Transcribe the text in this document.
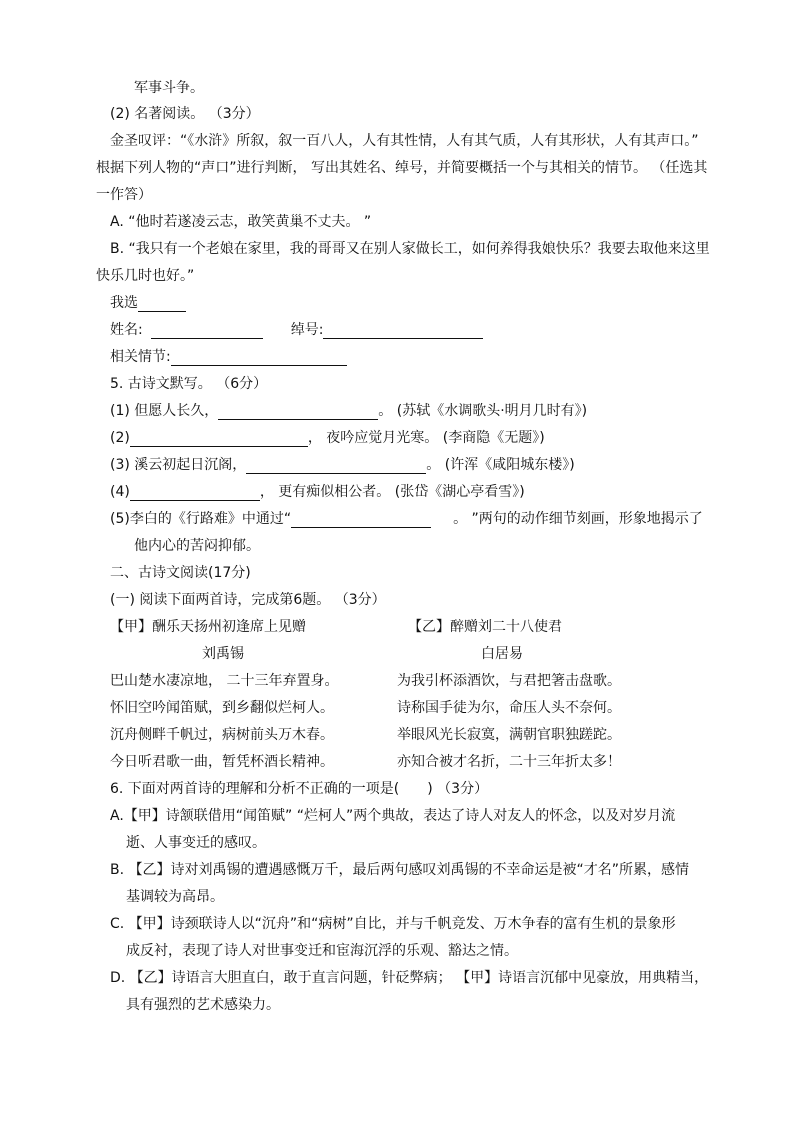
军事斗争。
(2) 名著阅读。 （3分）
金圣叹评：“《水浒》所叙，叙一百八人，人有其性情，人有其气质，人有其形状，人有其声口。”
根据下列人物的“声口”进行判断， 写出其姓名、绰号，并简要概括一个与其相关的情节。 （任选其
一作答）
A. “他时若遂凌云志，敢笑黄巢不丈夫。 ”
B. “我只有一个老娘在家里，我的哥哥又在别人家做长工，如何养得我娘快乐？我要去取他来这里
快乐几时也好。”
我选
姓名:	绰号:
相关情节:
5. 古诗文默写。 （6分）
(1) 但愿人长久，	。 (苏轼《水调歌头·明月几时有》)
(2)	， 夜吟应觉月光寒。 (李商隐《无题》)
(3) 溪云初起日沉阁，	。 (许浑《咸阳城东楼》)
(4)	， 更有痴似相公者。 (张岱《湖心亭看雪》)
(5)李白的《行路难》中通过“	。 ”两句的动作细节刻画，形象地揭示了
他内心的苦闷抑郁。
二、古诗文阅读(17分)
(一) 阅读下面两首诗，完成第6题。 （3分）
【甲】酬乐天扬州初逢席上见赠	【乙】醉赠刘二十八使君
刘禹锡	白居易
巴山楚水凄凉地， 二十三年弃置身。	为我引杯添酒饮，与君把箸击盘歌。
怀旧空吟闻笛赋，到乡翻似烂柯人。	诗称国手徒为尔，命压人头不奈何。
沉舟侧畔千帆过，病树前头万木春。	举眼风光长寂寞，满朝官职独蹉跎。
今日听君歌一曲，暂凭杯酒长精神。	亦知合被才名折，二十三年折太多！
6. 下面对两首诗的理解和分析不正确的一项是(　　) （3分）
A.【甲】诗颔联借用“闻笛赋” “烂柯人”两个典故，表达了诗人对友人的怀念，以及对岁月流
逝、人事变迁的感叹。
B. 【乙】诗对刘禹锡的遭遇感慨万千，最后两句感叹刘禹锡的不幸命运是被“才名”所累，感情
基调较为高昂。
C. 【甲】诗颈联诗人以“沉舟”和“病树”自比，并与千帆竞发、万木争春的富有生机的景象形
成反衬，表现了诗人对世事变迁和宦海沉浮的乐观、豁达之情。
D. 【乙】诗语言大胆直白，敢于直言问题，针砭弊病； 【甲】诗语言沉郁中见豪放，用典精当，
具有强烈的艺术感染力。
